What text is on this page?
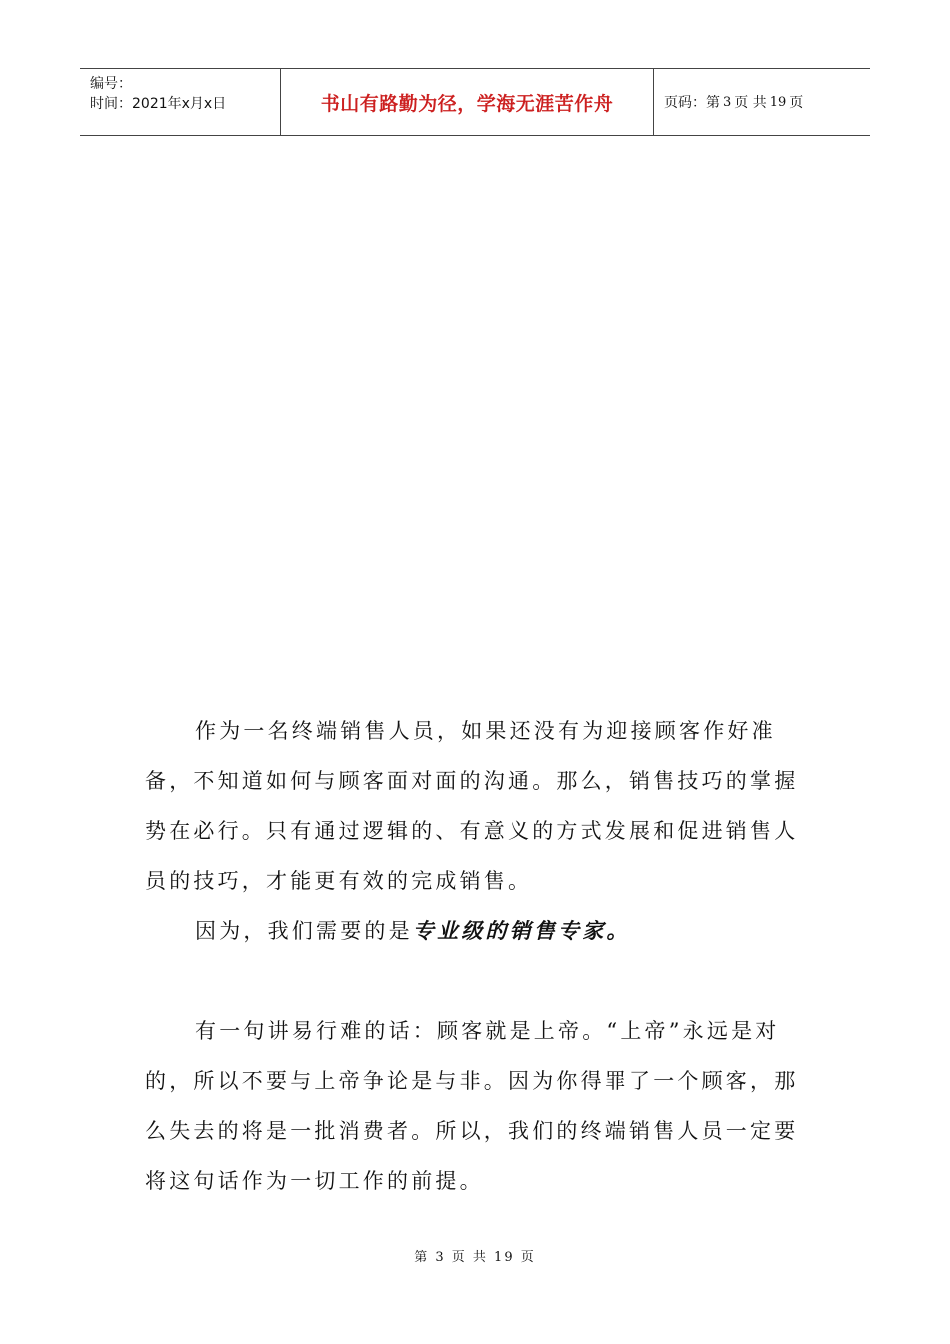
编号：
时间：2021年x月x日	书山有路勤为径，学海无涯苦作舟	页码：第 3 页 共 19 页

作为一名终端销售人员，如果还没有为迎接顾客作好准备，不知道如何与顾客面对面的沟通。那么，销售技巧的掌握势在必行。只有通过逻辑的、有意义的方式发展和促进销售人员的技巧，才能更有效的完成销售。

因为，我们需要的是专业级的销售专家。

有一句讲易行难的话：顾客就是上帝。“上帝”永远是对的，所以不要与上帝争论是与非。因为你得罪了一个顾客，那么失去的将是一批消费者。所以，我们的终端销售人员一定要将这句话作为一切工作的前提。

第 3 页 共 19 页
